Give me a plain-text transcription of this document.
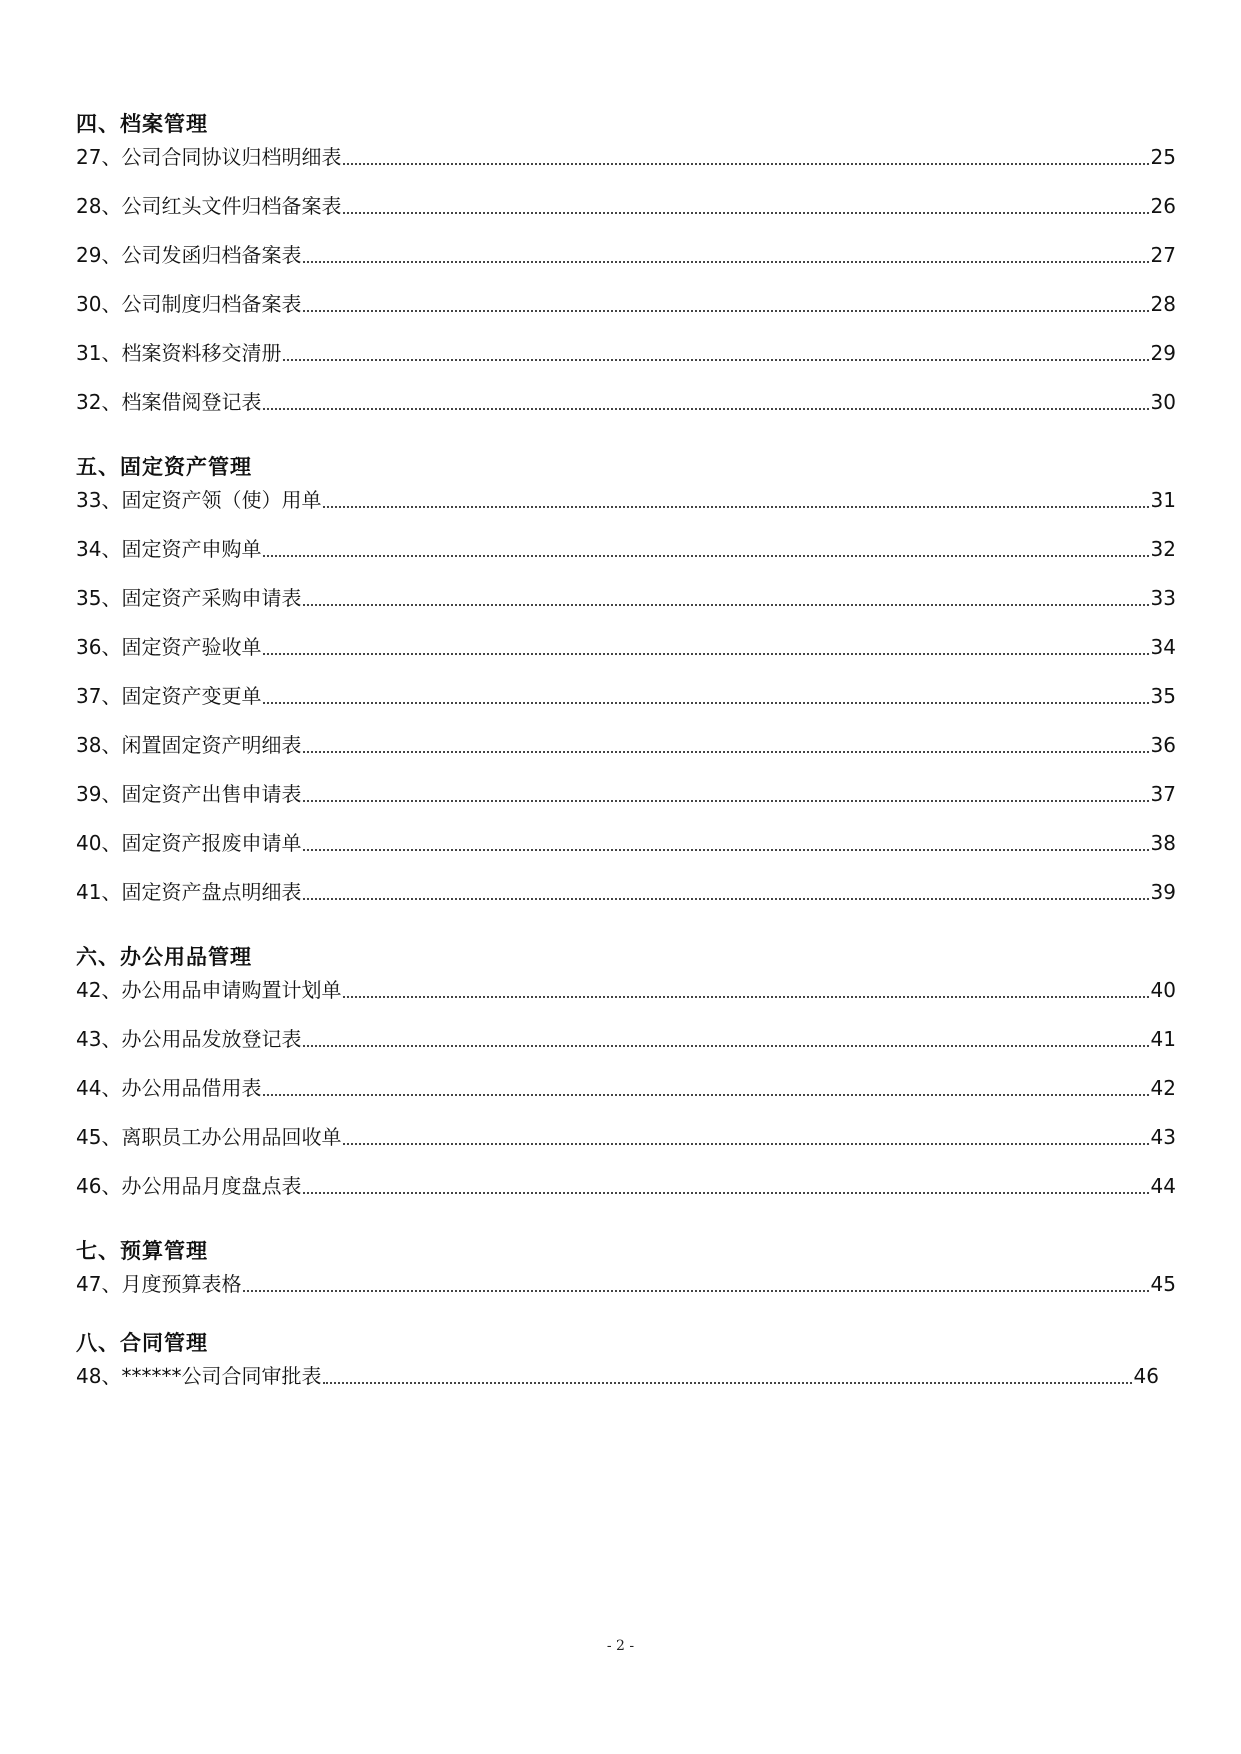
四、档案管理
27、公司合同协议归档明细表	25
28、公司红头文件归档备案表	26
29、公司发函归档备案表	27
30、公司制度归档备案表	28
31、档案资料移交清册	29
32、档案借阅登记表	30
五、固定资产管理
33、固定资产领（使）用单	31
34、固定资产申购单	32
35、固定资产采购申请表	33
36、固定资产验收单	34
37、固定资产变更单	35
38、闲置固定资产明细表	36
39、固定资产出售申请表	37
40、固定资产报废申请单	38
41、固定资产盘点明细表	39
六、办公用品管理
42、办公用品申请购置计划单	40
43、办公用品发放登记表	41
44、办公用品借用表	42
45、离职员工办公用品回收单	43
46、办公用品月度盘点表	44
七、预算管理
47、月度预算表格	45
八、合同管理
48、******公司合同审批表	46
- 2 -
